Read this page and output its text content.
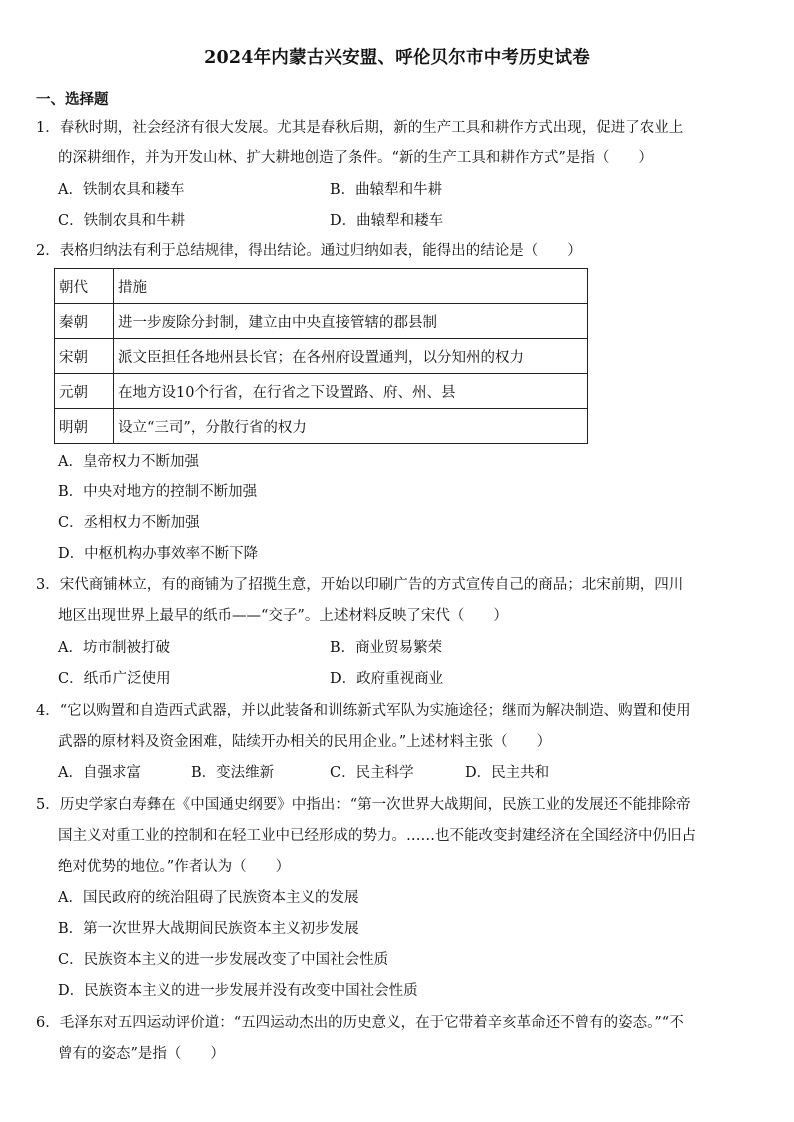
2024年内蒙古兴安盟、呼伦贝尔市中考历史试卷
一、选择题
1．春秋时期，社会经济有很大发展。尤其是春秋后期，新的生产工具和耕作方式出现，促进了农业上
的深耕细作，并为开发山林、扩大耕地创造了条件。“新的生产工具和耕作方式”是指（　　）
A．铁制农具和耧车	B．曲辕犁和牛耕
C．铁制农具和牛耕	D．曲辕犁和耧车
2．表格归纳法有利于总结规律，得出结论。通过归纳如表，能得出的结论是（　　）
朝代	措施
秦朝	进一步废除分封制，建立由中央直接管辖的郡县制
宋朝	派文臣担任各地州县长官；在各州府设置通判，以分知州的权力
元朝	在地方设10个行省，在行省之下设置路、府、州、县
明朝	设立“三司”，分散行省的权力
A．皇帝权力不断加强
B．中央对地方的控制不断加强
C．丞相权力不断加强
D．中枢机构办事效率不断下降
3．宋代商铺林立，有的商铺为了招揽生意，开始以印刷广告的方式宣传自己的商品；北宋前期，四川
地区出现世界上最早的纸币——“交子”。上述材料反映了宋代（　　）
A．坊市制被打破	B．商业贸易繁荣
C．纸币广泛使用	D．政府重视商业
4．“它以购置和自造西式武器，并以此装备和训练新式军队为实施途径；继而为解决制造、购置和使用
武器的原材料及资金困难，陆续开办相关的民用企业。”上述材料主张（　　）
A．自强求富	B．变法维新	C．民主科学	D．民主共和
5．历史学家白寿彝在《中国通史纲要》中指出：“第一次世界大战期间，民族工业的发展还不能排除帝
国主义对重工业的控制和在轻工业中已经形成的势力。……也不能改变封建经济在全国经济中仍旧占
绝对优势的地位。”作者认为（　　）
A．国民政府的统治阻碍了民族资本主义的发展
B．第一次世界大战期间民族资本主义初步发展
C．民族资本主义的进一步发展改变了中国社会性质
D．民族资本主义的进一步发展并没有改变中国社会性质
6．毛泽东对五四运动评价道：“五四运动杰出的历史意义，在于它带着辛亥革命还不曾有的姿态。”“不
曾有的姿态”是指（　　）
